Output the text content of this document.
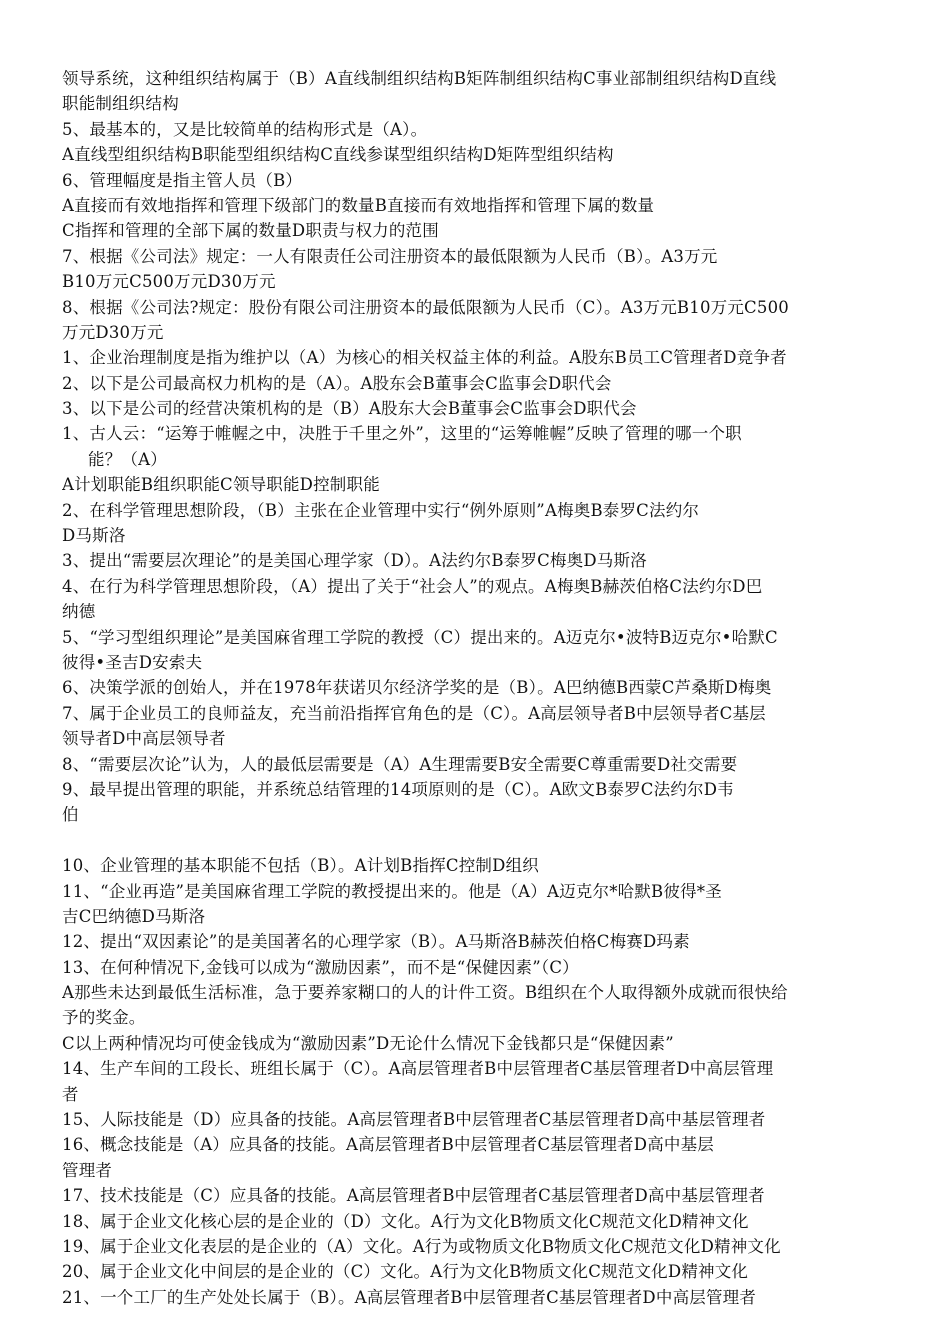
领导系统，这种组织结构属于（B）A直线制组织结构B矩阵制组织结构C事业部制组织结构D直线
职能制组织结构
5、最基本的，又是比较简单的结构形式是（A）。
A直线型组织结构B职能型组织结构C直线参谋型组织结构D矩阵型组织结构
6、管理幅度是指主管人员（B）
A直接而有效地指挥和管理下级部门的数量B直接而有效地指挥和管理下属的数量
C指挥和管理的全部下属的数量D职责与权力的范围
7、根据《公司法》规定：一人有限责任公司注册资本的最低限额为人民币（B）。A3万元
B10万元C500万元D30万元
8、根据《公司法?规定：股份有限公司注册资本的最低限额为人民币（C）。A3万元B10万元C500
万元D30万元
1、企业治理制度是指为维护以（A）为核心的相关权益主体的利益。A股东B员工C管理者D竞争者
2、以下是公司最高权力机构的是（A）。A股东会B董事会C监事会D职代会
3、以下是公司的经营决策机构的是（B）A股东大会B董事会C监事会D职代会
1、古人云：“运筹于帷幄之中，决胜于千里之外”，这里的“运筹帷幄”反映了管理的哪一个职
能？（A）
A计划职能B组织职能C领导职能D控制职能
2、在科学管理思想阶段，（B）主张在企业管理中实行“例外原则”A梅奥B泰罗C法约尔
D马斯洛
3、提出“需要层次理论”的是美国心理学家（D）。A法约尔B泰罗C梅奥D马斯洛
4、在行为科学管理思想阶段，（A）提出了关于“社会人”的观点。A梅奥B赫茨伯格C法约尔D巴
纳德
5、“学习型组织理论”是美国麻省理工学院的教授（C）提出来的。A迈克尔•波特B迈克尔•哈默C
彼得•圣吉D安索夫
6、决策学派的创始人，并在1978年获诺贝尔经济学奖的是（B）。A巴纳德B西蒙C芦桑斯D梅奥
7、属于企业员工的良师益友，充当前沿指挥官角色的是（C）。A高层领导者B中层领导者C基层
领导者D中高层领导者
8、“需要层次论”认为，人的最低层需要是（A）A生理需要B安全需要C尊重需要D社交需要
9、最早提出管理的职能，并系统总结管理的14项原则的是（C）。A欧文B泰罗C法约尔D韦
伯
10、企业管理的基本职能不包括（B）。A计划B指挥C控制D组织
11、“企业再造”是美国麻省理工学院的教授提出来的。他是（A）A迈克尔*哈默B彼得*圣
吉C巴纳德D马斯洛
12、提出“双因素论”的是美国著名的心理学家（B）。A马斯洛B赫茨伯格C梅赛D玛素
13、在何种情况下,金钱可以成为“激励因素”，而不是“保健因素”（C）
A那些未达到最低生活标准，急于要养家糊口的人的计件工资。B组织在个人取得额外成就而很快给
予的奖金。
C以上两种情况均可使金钱成为“激励因素”D无论什么情况下金钱都只是“保健因素”
14、生产车间的工段长、班组长属于（C）。A高层管理者B中层管理者C基层管理者D中高层管理
者
15、人际技能是（D）应具备的技能。A高层管理者B中层管理者C基层管理者D高中基层管理者
16、概念技能是（A）应具备的技能。A高层管理者B中层管理者C基层管理者D高中基层
管理者
17、技术技能是（C）应具备的技能。A高层管理者B中层管理者C基层管理者D高中基层管理者
18、属于企业文化核心层的是企业的（D）文化。A行为文化B物质文化C规范文化D精神文化
19、属于企业文化表层的是企业的（A）文化。A行为或物质文化B物质文化C规范文化D精神文化
20、属于企业文化中间层的是企业的（C）文化。A行为文化B物质文化C规范文化D精神文化
21、一个工厂的生产处处长属于（B）。A高层管理者B中层管理者C基层管理者D中高层管理者
